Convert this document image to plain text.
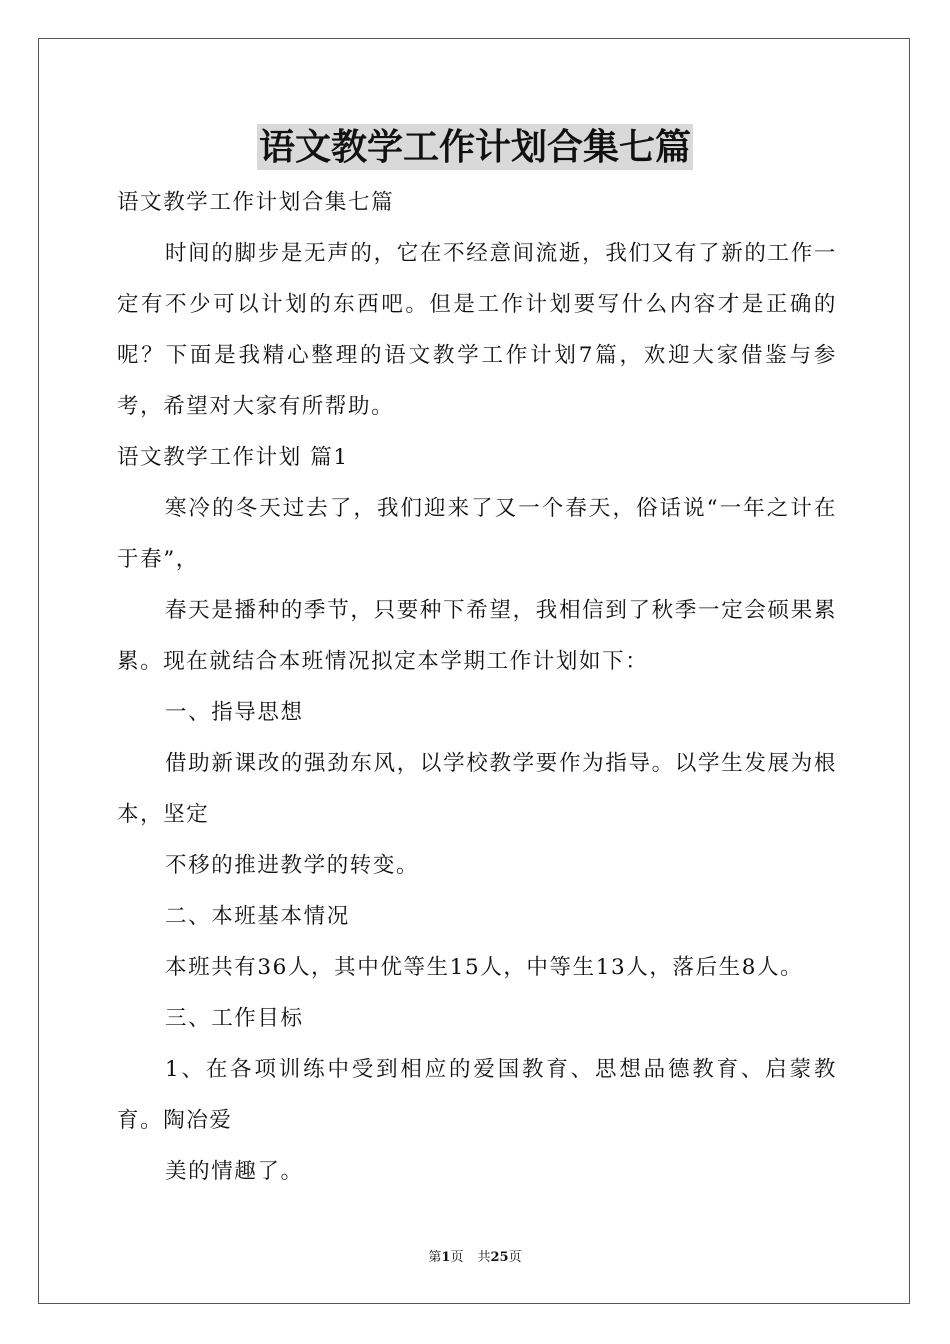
语文教学工作计划合集七篇

语文教学工作计划合集七篇

时间的脚步是无声的，它在不经意间流逝，我们又有了新的工作一定有不少可以计划的东西吧。但是工作计划要写什么内容才是正确的呢？下面是我精心整理的语文教学工作计划7篇，欢迎大家借鉴与参考，希望对大家有所帮助。

语文教学工作计划 篇1

寒冷的冬天过去了，我们迎来了又一个春天，俗话说“一年之计在于春”，

春天是播种的季节，只要种下希望，我相信到了秋季一定会硕果累累。现在就结合本班情况拟定本学期工作计划如下：

一、指导思想

借助新课改的强劲东风，以学校教学要作为指导。以学生发展为根本，坚定

不移的推进教学的转变。

二、本班基本情况

本班共有36人，其中优等生15人，中等生13人，落后生8人。

三、工作目标

1、在各项训练中受到相应的爱国教育、思想品德教育、启蒙教育。陶冶爱

美的情趣了。

第1页 共25页
